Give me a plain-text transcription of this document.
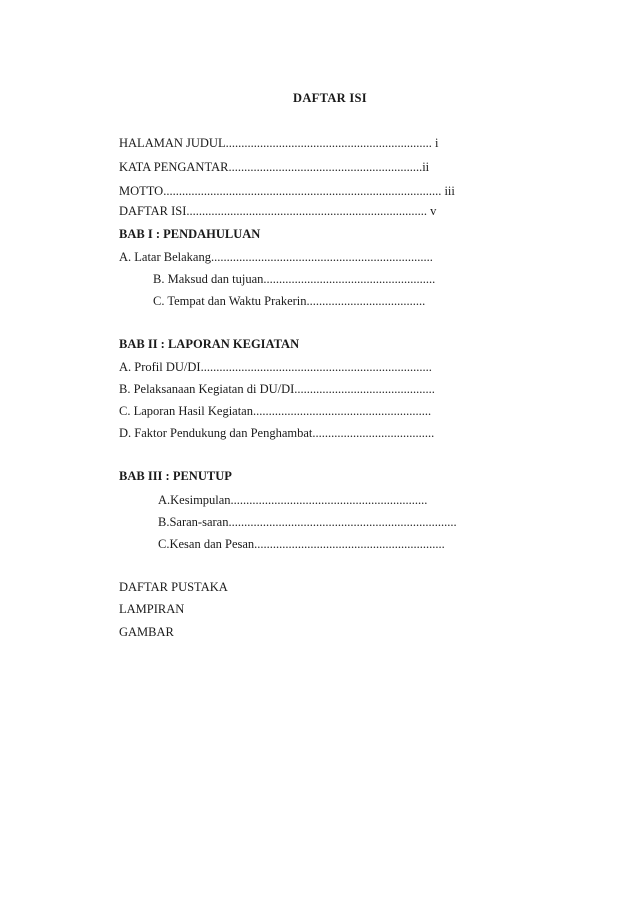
DAFTAR ISI
HALAMAN JUDUL.................................................................. i
KATA PENGANTAR..............................................................ii
MOTTO......................................................................................... iii
DAFTAR ISI............................................................................. v
BAB I : PENDAHULUAN
A. Latar Belakang.......................................................................
B. Maksud dan tujuan.......................................................
C. Tempat dan Waktu Prakerin......................................
BAB II : LAPORAN KEGIATAN
A. Profil DU/DI..........................................................................
B. Pelaksanaan Kegiatan di DU/DI.............................................
C. Laporan Hasil Kegiatan.........................................................
D. Faktor Pendukung dan Penghambat.......................................
BAB III : PENUTUP
A.Kesimpulan...............................................................
B.Saran-saran.........................................................................
C.Kesan dan Pesan.............................................................
DAFTAR PUSTAKA
LAMPIRAN
GAMBAR
